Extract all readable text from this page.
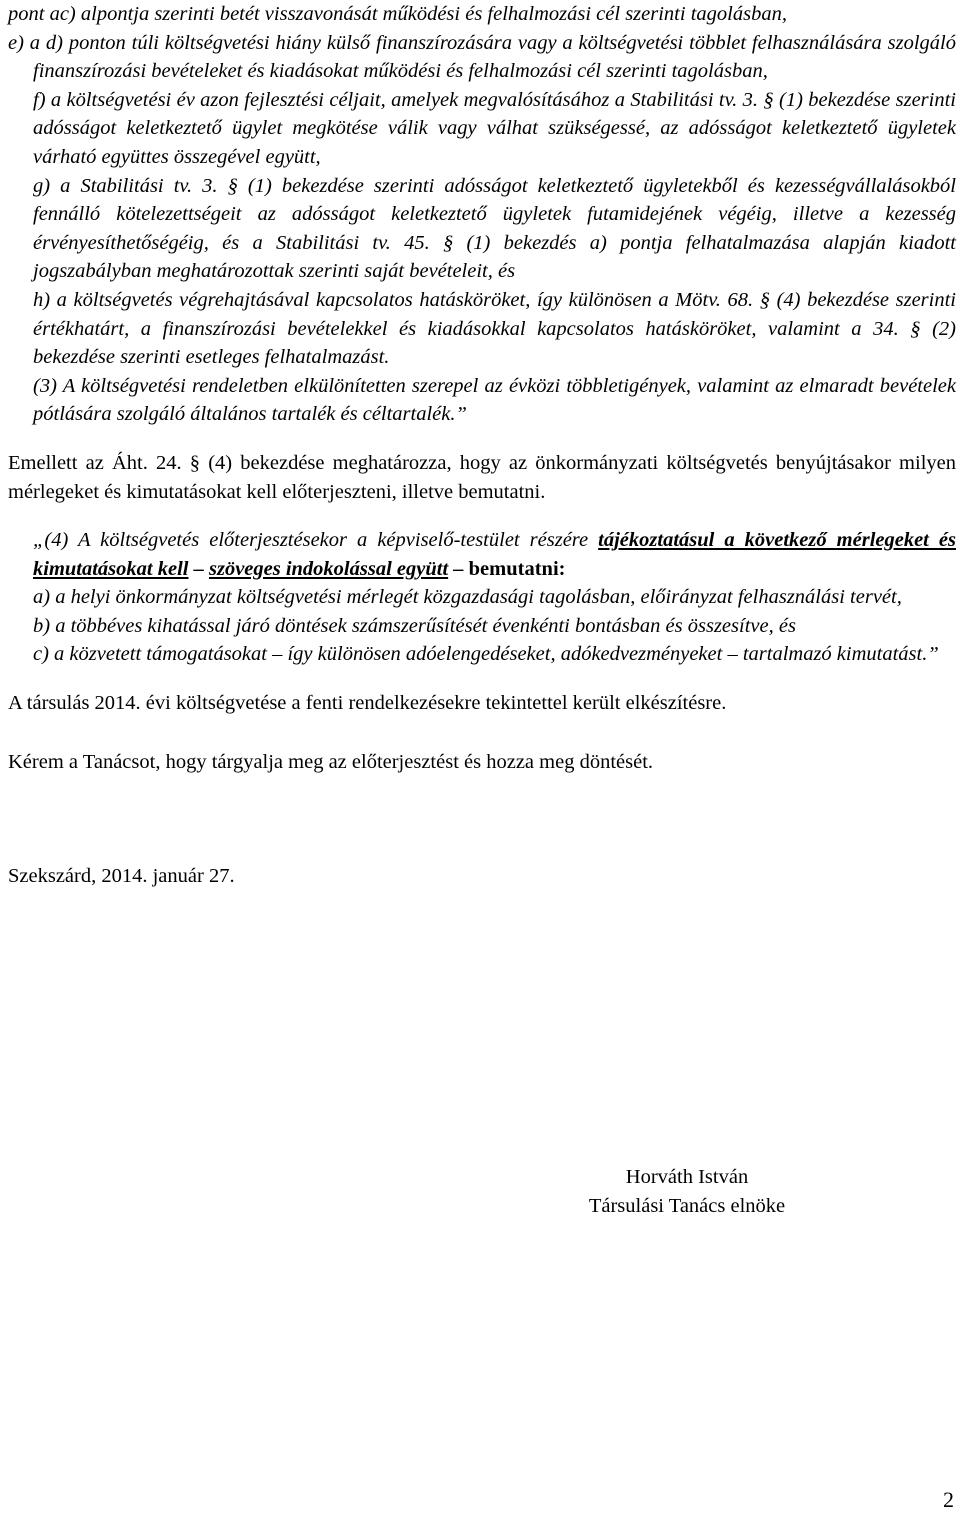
pont ac) alpontja szerinti betét visszavonását működési és felhalmozási cél szerinti tagolásban,

e) a d) ponton túli költségvetési hiány külső finanszírozására vagy a költségvetési többlet felhasználására szolgáló finanszírozási bevételeket és kiadásokat működési és felhalmozási cél szerinti tagolásban,

f) a költségvetési év azon fejlesztési céljait, amelyek megvalósításához a Stabilitási tv. 3. § (1) bekezdése szerinti adósságot keletkeztető ügylet megkötése válik vagy válhat szükségessé, az adósságot keletkeztető ügyletek várható együttes összegével együtt,

g) a Stabilitási tv. 3. § (1) bekezdése szerinti adósságot keletkeztető ügyletekből és kezességvállalásokból fennálló kötelezettségeit az adósságot keletkeztető ügyletek futamidejének végéig, illetve a kezesség érvényesíthetőségéig, és a Stabilitási tv. 45. § (1) bekezdés a) pontja felhatalmazása alapján kiadott jogszabályban meghatározottak szerinti saját bevételeit, és

h) a költségvetés végrehajtásával kapcsolatos hatásköröket, így különösen a Mötv. 68. § (4) bekezdése szerinti értékhatárt, a finanszírozási bevételekkel és kiadásokkal kapcsolatos hatásköröket, valamint a 34. § (2) bekezdése szerinti esetleges felhatalmazást.

(3) A költségvetési rendeletben elkülönítetten szerepel az évközi többletigények, valamint az elmaradt bevételek pótlására szolgáló általános tartalék és céltartalék.”

Emellett az Áht. 24. § (4) bekezdése meghatározza, hogy az önkormányzati költségvetés benyújtásakor milyen mérlegeket és kimutatásokat kell előterjeszteni, illetve bemutatni.

„(4) A költségvetés előterjesztésekor a képviselő-testület részére tájékoztatásul a következő mérlegeket és kimutatásokat kell – szöveges indokolással együtt – bemutatni:

a) a helyi önkormányzat költségvetési mérlegét közgazdasági tagolásban, előirányzat felhasználási tervét,

b) a többéves kihatással járó döntések számszerűsítését évenkénti bontásban és összesítve, és

c) a közvetett támogatásokat – így különösen adóelengedéseket, adókedvezményeket – tartalmazó kimutatást.”

A társulás 2014. évi költségvetése a fenti rendelkezésekre tekintettel került elkészítésre.

Kérem a Tanácsot, hogy tárgyalja meg az előterjesztést és hozza meg döntését.

Szekszárd, 2014. január 27.

Horváth István
Társulási Tanács elnöke
2
